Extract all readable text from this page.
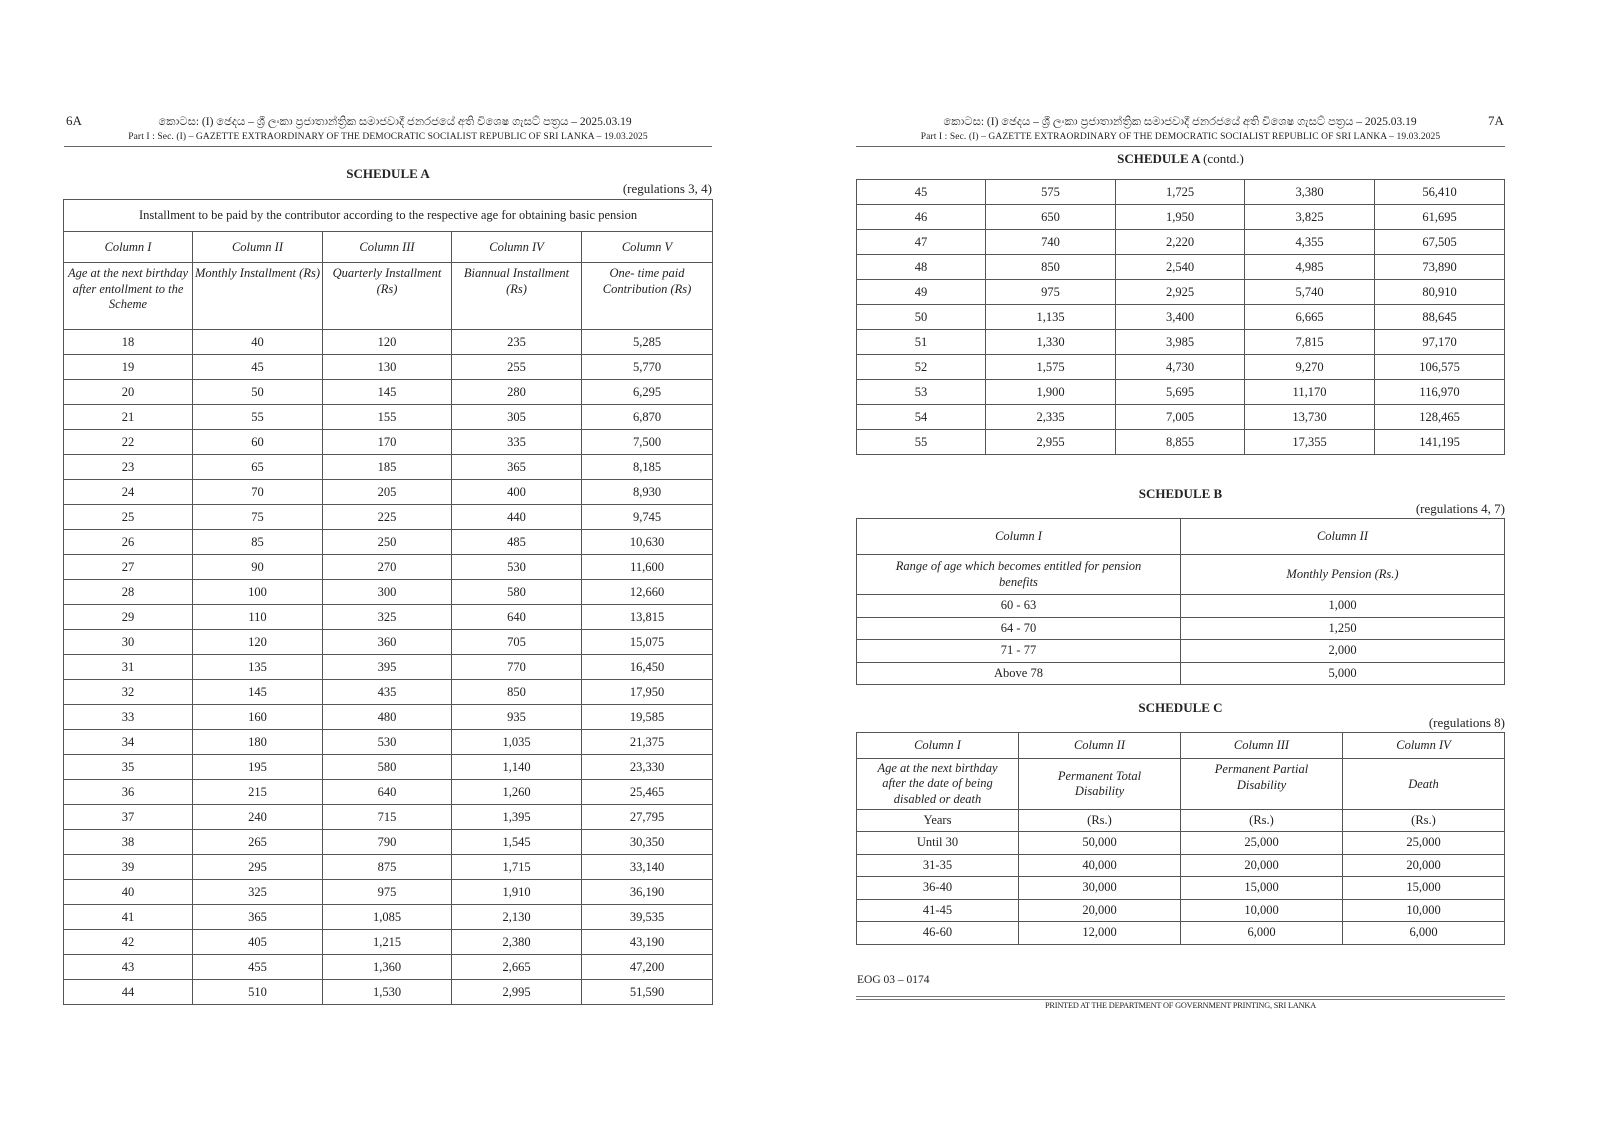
6A	කොටස: (I) ඡෙදය – ශ්‍රී ලංකා ප්‍රජාතාන්ත්‍රික සමාජවාදී ජනරජයේ අති විශෙෂ ගැසට් පත්‍රය – 2025.03.19
Part I : Sec. (I) – GAZETTE EXTRAORDINARY OF THE DEMOCRATIC SOCIALIST REPUBLIC OF SRI LANKA – 19.03.2025
SCHEDULE A
(regulations 3, 4)
Installment to be paid by the contributor according to the respective age for obtaining basic pension				
Column I	Column II	Column III	Column IV	Column V
Age at the next birthday after entollment to the Scheme	Monthly Installment (Rs)	Quarterly Installment (Rs)	Biannual Installment (Rs)	One- time paid Contribution (Rs)
18	40	120	235	5,285
19	45	130	255	5,770
20	50	145	280	6,295
21	55	155	305	6,870
22	60	170	335	7,500
23	65	185	365	8,185
24	70	205	400	8,930
25	75	225	440	9,745
26	85	250	485	10,630
27	90	270	530	11,600
28	100	300	580	12,660
29	110	325	640	13,815
30	120	360	705	15,075
31	135	395	770	16,450
32	145	435	850	17,950
33	160	480	935	19,585
34	180	530	1,035	21,375
35	195	580	1,140	23,330
36	215	640	1,260	25,465
37	240	715	1,395	27,795
38	265	790	1,545	30,350
39	295	875	1,715	33,140
40	325	975	1,910	36,190
41	365	1,085	2,130	39,535
42	405	1,215	2,380	43,190
43	455	1,360	2,665	47,200
44	510	1,530	2,995	51,590
කොටස: (I) ඡෙදය – ශ්‍රී ලංකා ප්‍රජාතාන්ත්‍රික සමාජවාදී ජනරජයේ අති විශෙෂ ගැසට් පත්‍රය – 2025.03.19	7A
Part I : Sec. (I) – GAZETTE EXTRAORDINARY OF THE DEMOCRATIC SOCIALIST REPUBLIC OF SRI LANKA – 19.03.2025
SCHEDULE A (contd.)
45	575	1,725	3,380	56,410
46	650	1,950	3,825	61,695
47	740	2,220	4,355	67,505
48	850	2,540	4,985	73,890
49	975	2,925	5,740	80,910
50	1,135	3,400	6,665	88,645
51	1,330	3,985	7,815	97,170
52	1,575	4,730	9,270	106,575
53	1,900	5,695	11,170	116,970
54	2,335	7,005	13,730	128,465
55	2,955	8,855	17,355	141,195
SCHEDULE B
(regulations 4, 7)
Column I	Column II
Range of age which becomes entitled for pension benefits	Monthly Pension (Rs.)
60 - 63	1,000
64 - 70	1,250
71 - 77	2,000
Above 78	5,000
SCHEDULE C
(regulations 8)
Column I	Column II	Column III	Column IV
Age at the next birthday after the date of being disabled or death	Permanent Total Disability	Permanent Partial Disability	Death
Years	(Rs.)	(Rs.)	(Rs.)
Until 30	50,000	25,000	25,000
31-35	40,000	20,000	20,000
36-40	30,000	15,000	15,000
41-45	20,000	10,000	10,000
46-60	12,000	6,000	6,000
EOG 03 – 0174
PRINTED AT THE DEPARTMENT OF GOVERNMENT PRINTING, SRI LANKA
